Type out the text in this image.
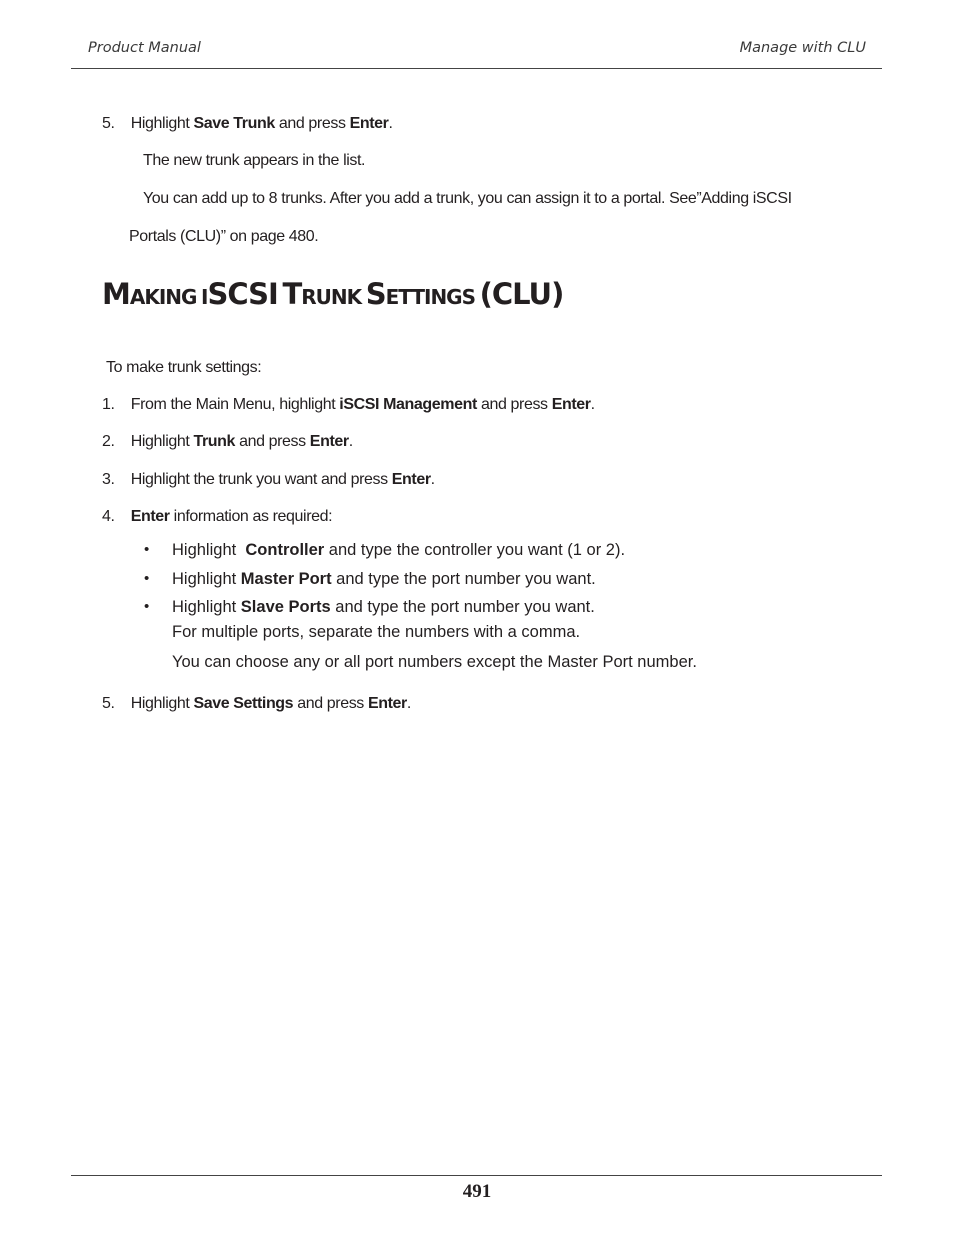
Product Manual	Manage with CLU
5. Highlight Save Trunk and press Enter.
The new trunk appears in the list.
You can add up to 8 trunks. After you add a trunk, you can assign it to a portal. See”Adding iSCSI
Portals (CLU)” on page 480.
MAKING ISCSI TRUNK SETTINGS (CLU)
To make trunk settings:
1. From the Main Menu, highlight iSCSI Management and press Enter.
2. Highlight Trunk and press Enter.
3. Highlight the trunk you want and press Enter.
4. Enter information as required:
• Highlight  Controller and type the controller you want (1 or 2).
• Highlight Master Port and type the port number you want.
• Highlight Slave Ports and type the port number you want.
For multiple ports, separate the numbers with a comma.
You can choose any or all port numbers except the Master Port number.
5. Highlight Save Settings and press Enter.
491
